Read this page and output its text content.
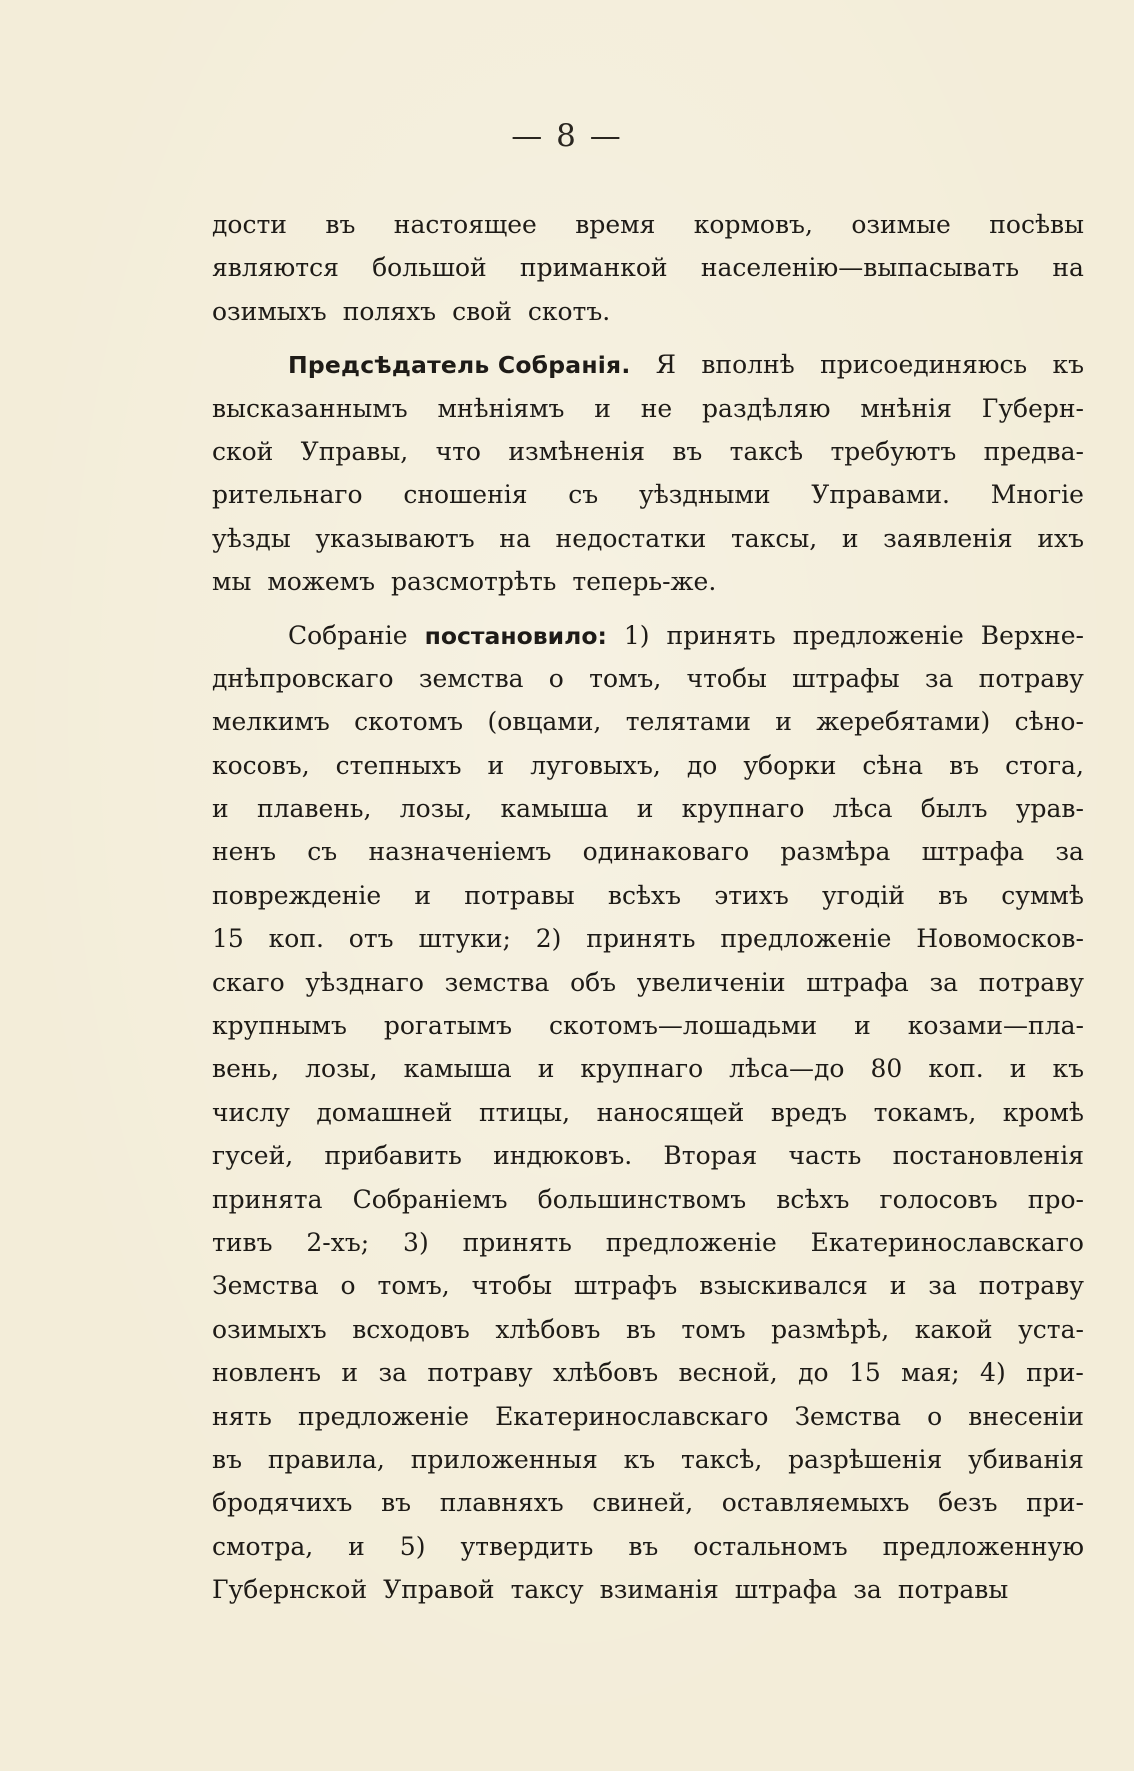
— 8 —
дости въ настоящее время кормовъ, озимые посѣвы
являются большой приманкой населенію—выпасывать на
озимыхъ поляхъ свой скотъ.
Предсѣдатель Собранія. Я вполнѣ присоединяюсь къ
высказаннымъ мнѣніямъ и не раздѣляю мнѣнія Губерн-
ской Управы, что измѣненія въ таксѣ требуютъ предва-
рительнаго сношенія съ уѣздными Управами. Многіе
уѣзды указываютъ на недостатки таксы, и заявленія ихъ
мы можемъ разсмотрѣть теперь-же.
Собраніе постановило: 1) принять предложеніе Верхне-
днѣпровскаго земства о томъ, чтобы штрафы за потраву
мелкимъ скотомъ (овцами, телятами и жеребятами) сѣно-
косовъ, степныхъ и луговыхъ, до уборки сѣна въ стога,
и плавень, лозы, камыша и крупнаго лѣса былъ урав-
ненъ съ назначеніемъ одинаковаго размѣра штрафа за
поврежденіе и потравы всѣхъ этихъ угодій въ суммѣ
15 коп. отъ штуки; 2) принять предложеніе Новомосков-
скаго уѣзднаго земства объ увеличеніи штрафа за потраву
крупнымъ рогатымъ скотомъ—лошадьми и козами—пла-
вень, лозы, камыша и крупнаго лѣса—до 80 коп. и къ
числу домашней птицы, наносящей вредъ токамъ, кромѣ
гусей, прибавить индюковъ. Вторая часть постановленія
принята Собраніемъ большинствомъ всѣхъ голосовъ про-
тивъ 2-хъ; 3) принять предложеніе Екатеринославскаго
Земства о томъ, чтобы штрафъ взыскивался и за потраву
озимыхъ всходовъ хлѣбовъ въ томъ размѣрѣ, какой уста-
новленъ и за потраву хлѣбовъ весной, до 15 мая; 4) при-
нять предложеніе Екатеринославскаго Земства о внесеніи
въ правила, приложенныя къ таксѣ, разрѣшенія убиванія
бродячихъ въ плавняхъ свиней, оставляемыхъ безъ при-
смотра, и 5) утвердить въ остальномъ предложенную
Губернской Управой таксу взиманія штрафа за потравы
